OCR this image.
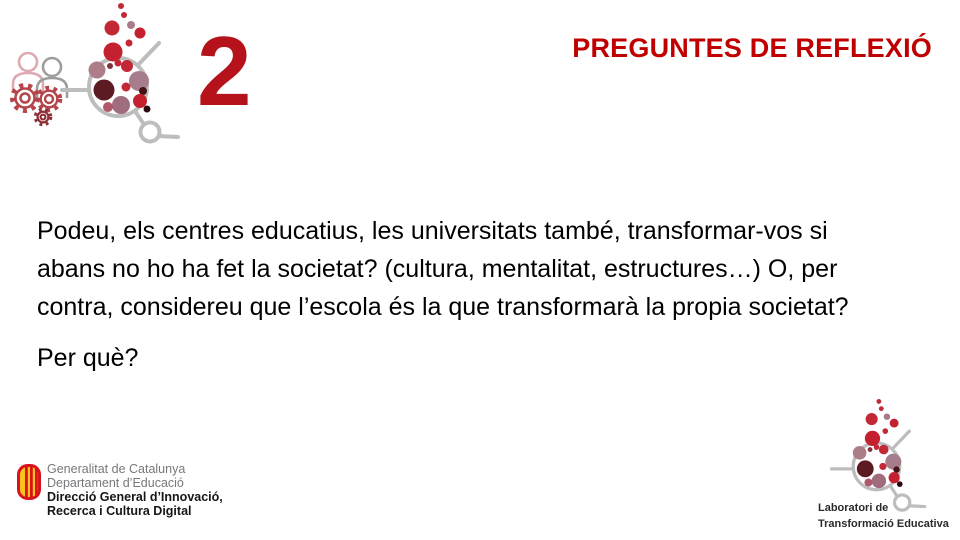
2	PREGUNTES DE REFLEXIÓ
Podeu, els centres educatius, les universitats també, transformar-vos si
abans no ho ha fet la societat? (cultura, mentalitat, estructures…) O, per
contra, considereu que l’escola és la que transformarà la propia societat?
Per què?
Generalitat de Catalunya
Departament d’Educació
Direcció General d’Innovació,
Recerca i Cultura Digital	Laboratori de
Transformació Educativa
